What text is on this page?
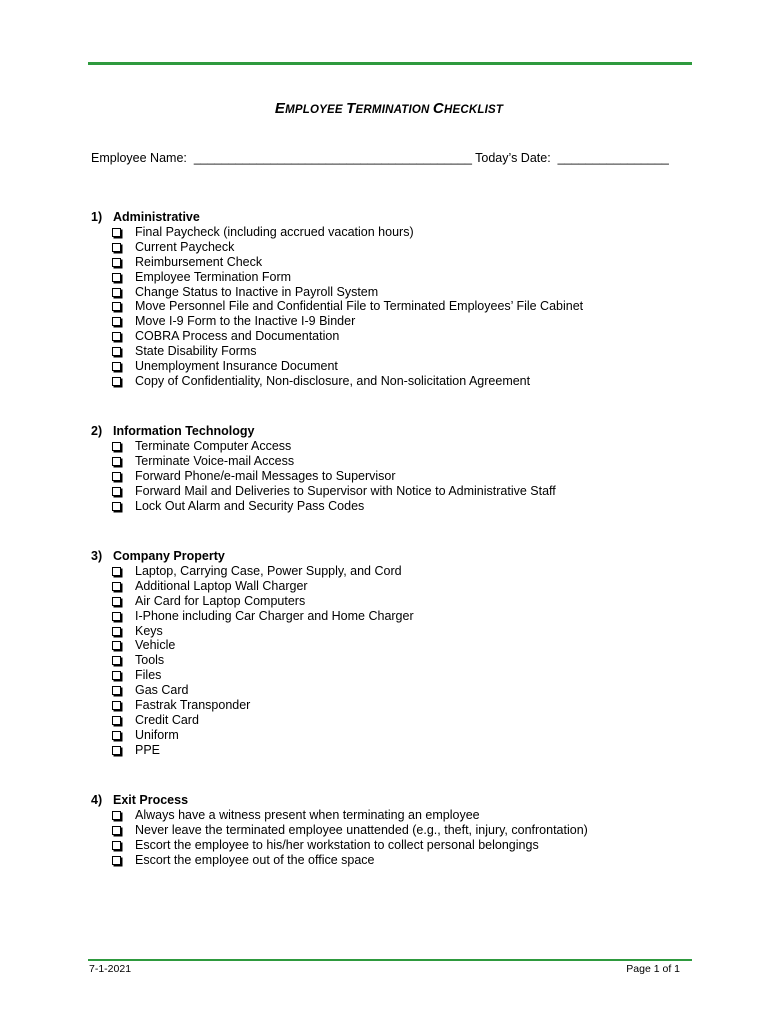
EMPLOYEE TERMINATION CHECKLIST
Employee Name: ________________________________________ Today’s Date: ________________
1) Administrative
Final Paycheck (including accrued vacation hours)
Current Paycheck
Reimbursement Check
Employee Termination Form
Change Status to Inactive in Payroll System
Move Personnel File and Confidential File to Terminated Employees’ File Cabinet
Move I-9 Form to the Inactive I-9 Binder
COBRA Process and Documentation
State Disability Forms
Unemployment Insurance Document
Copy of Confidentiality, Non-disclosure, and Non-solicitation Agreement
2) Information Technology
Terminate Computer Access
Terminate Voice-mail Access
Forward Phone/e-mail Messages to Supervisor
Forward Mail and Deliveries to Supervisor with Notice to Administrative Staff
Lock Out Alarm and Security Pass Codes
3) Company Property
Laptop, Carrying Case, Power Supply, and Cord
Additional Laptop Wall Charger
Air Card for Laptop Computers
I-Phone including Car Charger and Home Charger
Keys
Vehicle
Tools
Files
Gas Card
Fastrak Transponder
Credit Card
Uniform
PPE
4) Exit Process
Always have a witness present when terminating an employee
Never leave the terminated employee unattended (e.g., theft, injury, confrontation)
Escort the employee to his/her workstation to collect personal belongings
Escort the employee out of the office space
7-1-2021	Page 1 of 1
